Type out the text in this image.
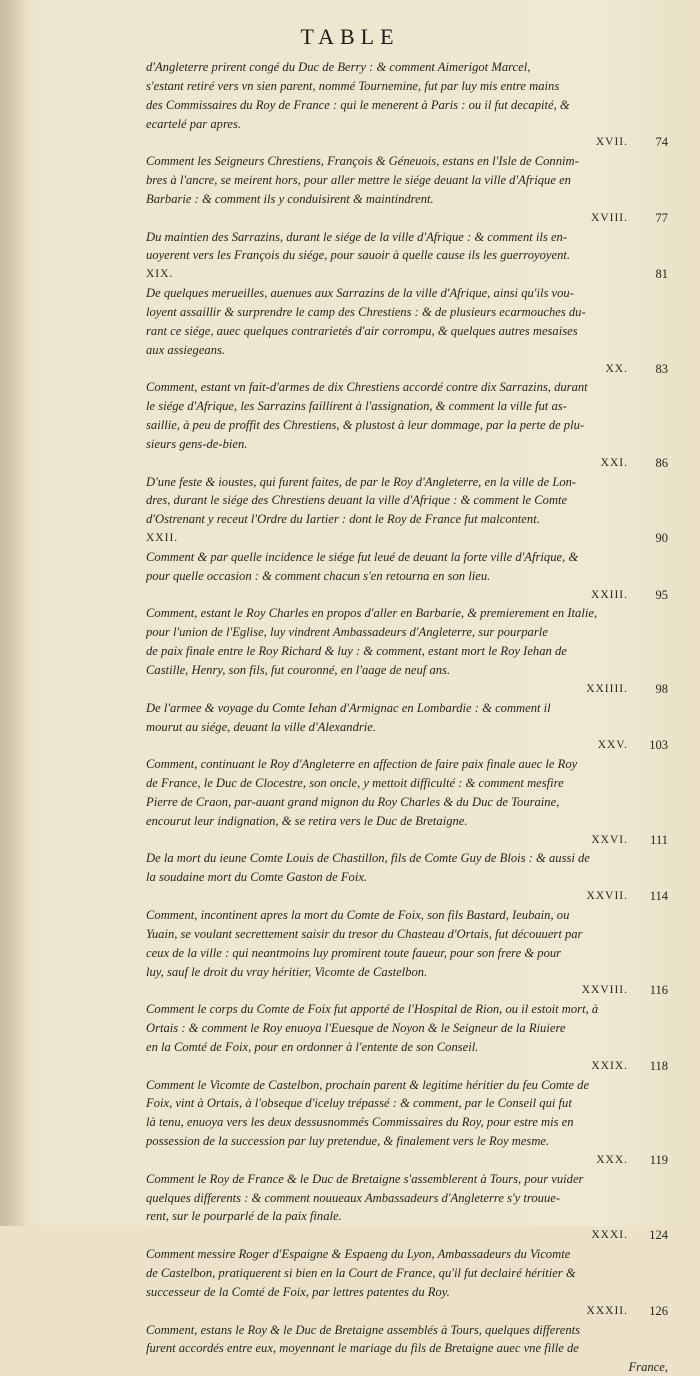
TABLE
d'Angleterre prirent congé du Duc de Berry : & comment Aimerigot Marcel,
s'estant retiré vers vn sien parent, nommé Tournemine, fut par luy mis entre mains
des Commissaires du Roy de France : qui le menerent à Paris : ou il fut decapité, &
ecartelé par apres.
XVII.	74
Comment les Seigneurs Chrestiens, François & Géneuois, estans en l'Isle de Connim-
bres à l'ancre, se meirent hors, pour aller mettre le siége deuant la ville d'Afrique en
Barbarie : & comment ils y conduisirent & maintindrent.
XVIII.	77
Du maintien des Sarrazins, durant le siége de la ville d'Afrique : & comment ils en-
uoyerent vers les François du siége, pour sauoir à quelle cause ils les guerroyoyent.
XIX.	81
De quelques merueilles, auenues aux Sarrazins de la ville d'Afrique, ainsi qu'ils vou-
loyent assaillir & surprendre le camp des Chrestiens : & de plusieurs ecarmouches du-
rant ce siége, auec quelques contrarietés d'air corrompu, & quelques autres mesaises
aux assiegeans.
XX.	83
Comment, estant vn fait-d'armes de dix Chrestiens accordé contre dix Sarrazins, durant
le siége d'Afrique, les Sarrazins faillirent à l'assignation, & comment la ville fut as-
saillie, à peu de proffit des Chrestiens, & plustost à leur dommage, par la perte de plu-
sieurs gens-de-bien.
XXI.	86
D'une feste & ioustes, qui furent faites, de par le Roy d'Angleterre, en la ville de Lon-
dres, durant le siége des Chrestiens deuant la ville d'Afrique : & comment le Comte
d'Ostrenant y receut l'Ordre du Iartier : dont le Roy de France fut malcontent.
XXII.	90
Comment & par quelle incidence le siége fut leué de deuant la forte ville d'Afrique, &
pour quelle occasion : & comment chacun s'en retourna en son lieu.
XXIII.	95
Comment, estant le Roy Charles en propos d'aller en Barbarie, & premierement en Italie,
pour l'union de l'Eglise, luy vindrent Ambassadeurs d'Angleterre, sur pourparle
de paix finale entre le Roy Richard & luy : & comment, estant mort le Roy Iehan de
Castille, Henry, son fils, fut couronné, en l'aage de neuf ans.
XXIIII.	98
De l'armee & voyage du Comte Iehan d'Armignac en Lombardie : & comment il
mourut au siége, deuant la ville d'Alexandrie.
XXV.	103
Comment, continuant le Roy d'Angleterre en affection de faire paix finale auec le Roy
de France, le Duc de Clocestre, son oncle, y mettoit difficulté : & comment mesfire
Pierre de Craon, par-auant grand mignon du Roy Charles & du Duc de Touraine,
encourut leur indignation, & se retira vers le Duc de Bretaigne.
XXVI.	111
De la mort du ieune Comte Louis de Chastillon, fils de Comte Guy de Blois : & aussi de
la soudaine mort du Comte Gaston de Foix.
XXVII.	114
Comment, incontinent apres la mort du Comte de Foix, son fils Bastard, Ieubain, ou
Yuain, se voulant secrettement saisir du tresor du Chasteau d'Ortais, fut découuert par
ceux de la ville : qui neantmoins luy promirent toute faueur, pour son frere & pour
luy, sauf le droit du vray héritier, Vicomte de Castelbon.
XXVIII.	116
Comment le corps du Comte de Foix fut apporté de l'Hospital de Rion, ou il estoit mort, à
Ortais : & comment le Roy enuoya l'Euesque de Noyon & le Seigneur de la Riuiere
en la Comté de Foix, pour en ordonner à l'entente de son Conseil.
XXIX.	118
Comment le Vicomte de Castelbon, prochain parent & legitime héritier du feu Comte de
Foix, vint à Ortais, à l'obseque d'iceluy trépassé : & comment, par le Conseil qui fut
là tenu, enuoya vers les deux dessusnommés Commissaires du Roy, pour estre mis en
possession de la succession par luy pretendue, & finalement vers le Roy mesme.
XXX.	119
Comment le Roy de France & le Duc de Bretaigne s'assemblerent à Tours, pour vuider
quelques differents : & comment nouueaux Ambassadeurs d'Angleterre s'y trouue-
rent, sur le pourparlé de la paix finale.
XXXI.	124
Comment messire Roger d'Espaigne & Espaeng du Lyon, Ambassadeurs du Vicomte
de Castelbon, pratiquerent si bien en la Court de France, qu'il fut declairé héritier &
successeur de la Comté de Foix, par lettres patentes du Roy.
XXXII.	126
Comment, estans le Roy & le Duc de Bretaigne assemblés à Tours, quelques differents
furent accordés entre eux, moyennant le mariage du fils de Bretaigne auec vne fille de
France,
